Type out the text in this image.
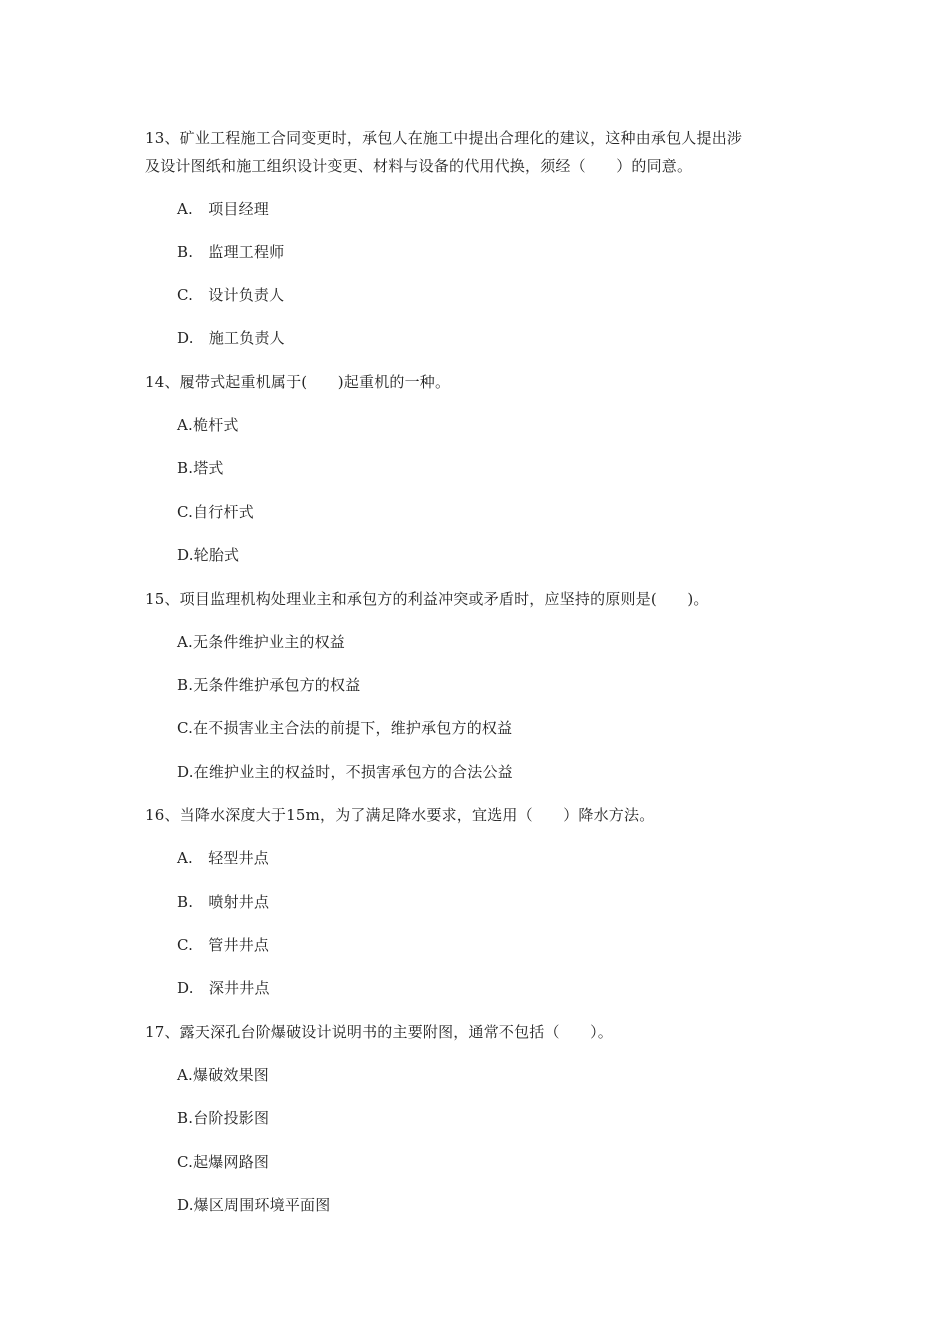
13、矿业工程施工合同变更时，承包人在施工中提出合理化的建议，这种由承包人提出涉
及设计图纸和施工组织设计变更、材料与设备的代用代换，须经（　　）的同意。
A.　项目经理
B.　监理工程师
C.　设计负责人
D.　施工负责人
14、履带式起重机属于(　　)起重机的一种。
A.桅杆式
B.塔式
C.自行杆式
D.轮胎式
15、项目监理机构处理业主和承包方的利益冲突或矛盾时，应坚持的原则是(　　)。
A.无条件维护业主的权益
B.无条件维护承包方的权益
C.在不损害业主合法的前提下，维护承包方的权益
D.在维护业主的权益时，不损害承包方的合法公益
16、当降水深度大于15m，为了满足降水要求，宜选用（　　）降水方法。
A.　轻型井点
B.　喷射井点
C.　管井井点
D.　深井井点
17、露天深孔台阶爆破设计说明书的主要附图，通常不包括（　　）。
A.爆破效果图
B.台阶投影图
C.起爆网路图
D.爆区周围环境平面图
